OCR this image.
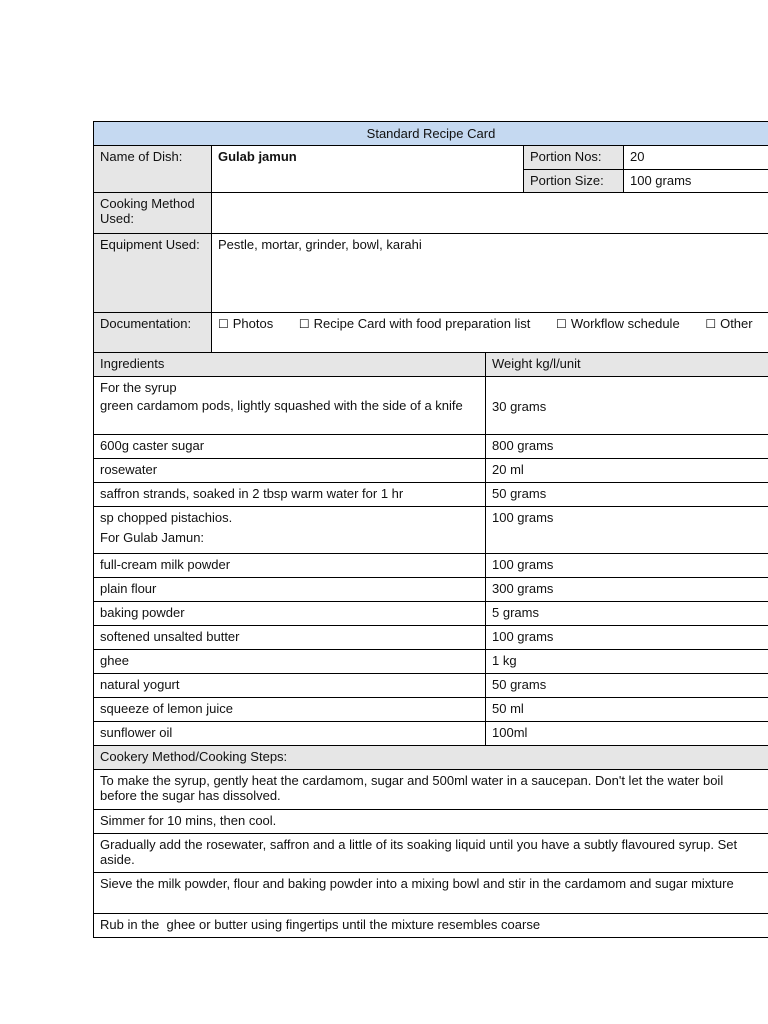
Standard Recipe Card
Name of Dish:	Gulab jamun	Portion Nos:	20
Portion Size:	100 grams
Cooking Method Used:
Equipment Used:	Pestle, mortar, grinder, bowl, karahi
Documentation:	☐ Photos ☐ Recipe Card with food preparation list ☐ Workflow schedule ☐ Other
Ingredients	Weight kg/l/unit
For the syrup
green cardamom pods, lightly squashed with the side of a knife	30 grams
600g caster sugar	800 grams
rosewater	20 ml
saffron strands, soaked in 2 tbsp warm water for 1 hr	50 grams
sp chopped pistachios.	100 grams
For Gulab Jamun:
full-cream milk powder	100 grams
plain flour	300 grams
baking powder	5 grams
softened unsalted butter	100 grams
ghee	1 kg
natural yogurt	50 grams
squeeze of lemon juice	50 ml
sunflower oil	100ml
Cookery Method/Cooking Steps:
To make the syrup, gently heat the cardamom, sugar and 500ml water in a saucepan. Don't let the water boil before the sugar has dissolved.
Simmer for 10 mins, then cool.
Gradually add the rosewater, saffron and a little of its soaking liquid until you have a subtly flavoured syrup. Set aside.
Sieve the milk powder, flour and baking powder into a mixing bowl and stir in the cardamom and sugar mixture
Rub in the  ghee or butter using fingertips until the mixture resembles coarse
